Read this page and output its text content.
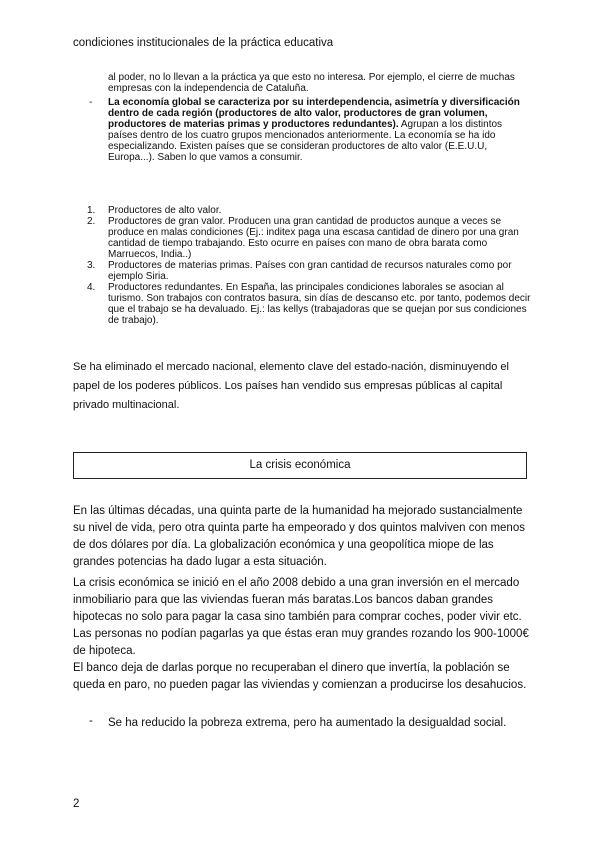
condiciones institucionales de la práctica educativa
al poder, no lo llevan a la práctica ya que esto no interesa. Por ejemplo, el cierre de muchas empresas con la independencia de Cataluña.
- La economía global se caracteriza por su interdependencia, asimetría y diversificación dentro de cada región (productores de alto valor, productores de gran volumen, productores de materias primas y productores redundantes). Agrupan a los distintos países dentro de los cuatro grupos mencionados anteriormente. La economía se ha ido especializando. Existen países que se consideran productores de alto valor (E.E.U.U, Europa...). Saben lo que vamos a consumir.
1. Productores de alto valor.
2. Productores de gran valor. Producen una gran cantidad de productos aunque a veces se produce en malas condiciones (Ej.: inditex paga una escasa cantidad de dinero por una gran cantidad de tiempo trabajando. Esto ocurre en países con mano de obra barata como Marruecos, India..)
3. Productores de materias primas. Países con gran cantidad de recursos naturales como por ejemplo Siria.
4. Productores redundantes. En España, las principales condiciones laborales se asocian al turismo. Son trabajos con contratos basura, sin días de descanso etc. por tanto, podemos decir que el trabajo se ha devaluado. Ej.: las kellys (trabajadoras que se quejan por sus condiciones de trabajo).
Se ha eliminado el mercado nacional, elemento clave del estado-nación, disminuyendo el papel de los poderes públicos. Los países han vendido sus empresas públicas al capital privado multinacional.
La crisis económica

En las últimas décadas, una quinta parte de la humanidad ha mejorado sustancialmente su nivel de vida, pero otra quinta parte ha empeorado y dos quintos malviven con menos de dos dólares por día. La globalización económica y una geopolítica miope de las grandes potencias ha dado lugar a esta situación.

La crisis económica se inició en el año 2008 debido a una gran inversión en el mercado inmobiliario para que las viviendas fueran más baratas.Los bancos daban grandes hipotecas no solo para pagar la casa sino también para comprar coches, poder vivir etc. Las personas no podían pagarlas ya que éstas eran muy grandes rozando los 900-1000€ de hipoteca.

El banco deja de darlas porque no recuperaban el dinero que invertía, la población se queda en paro, no pueden pagar las viviendas y comienzan a producirse los desahucios.

- Se ha reducido la pobreza extrema, pero ha aumentado la desigualdad social.
2
